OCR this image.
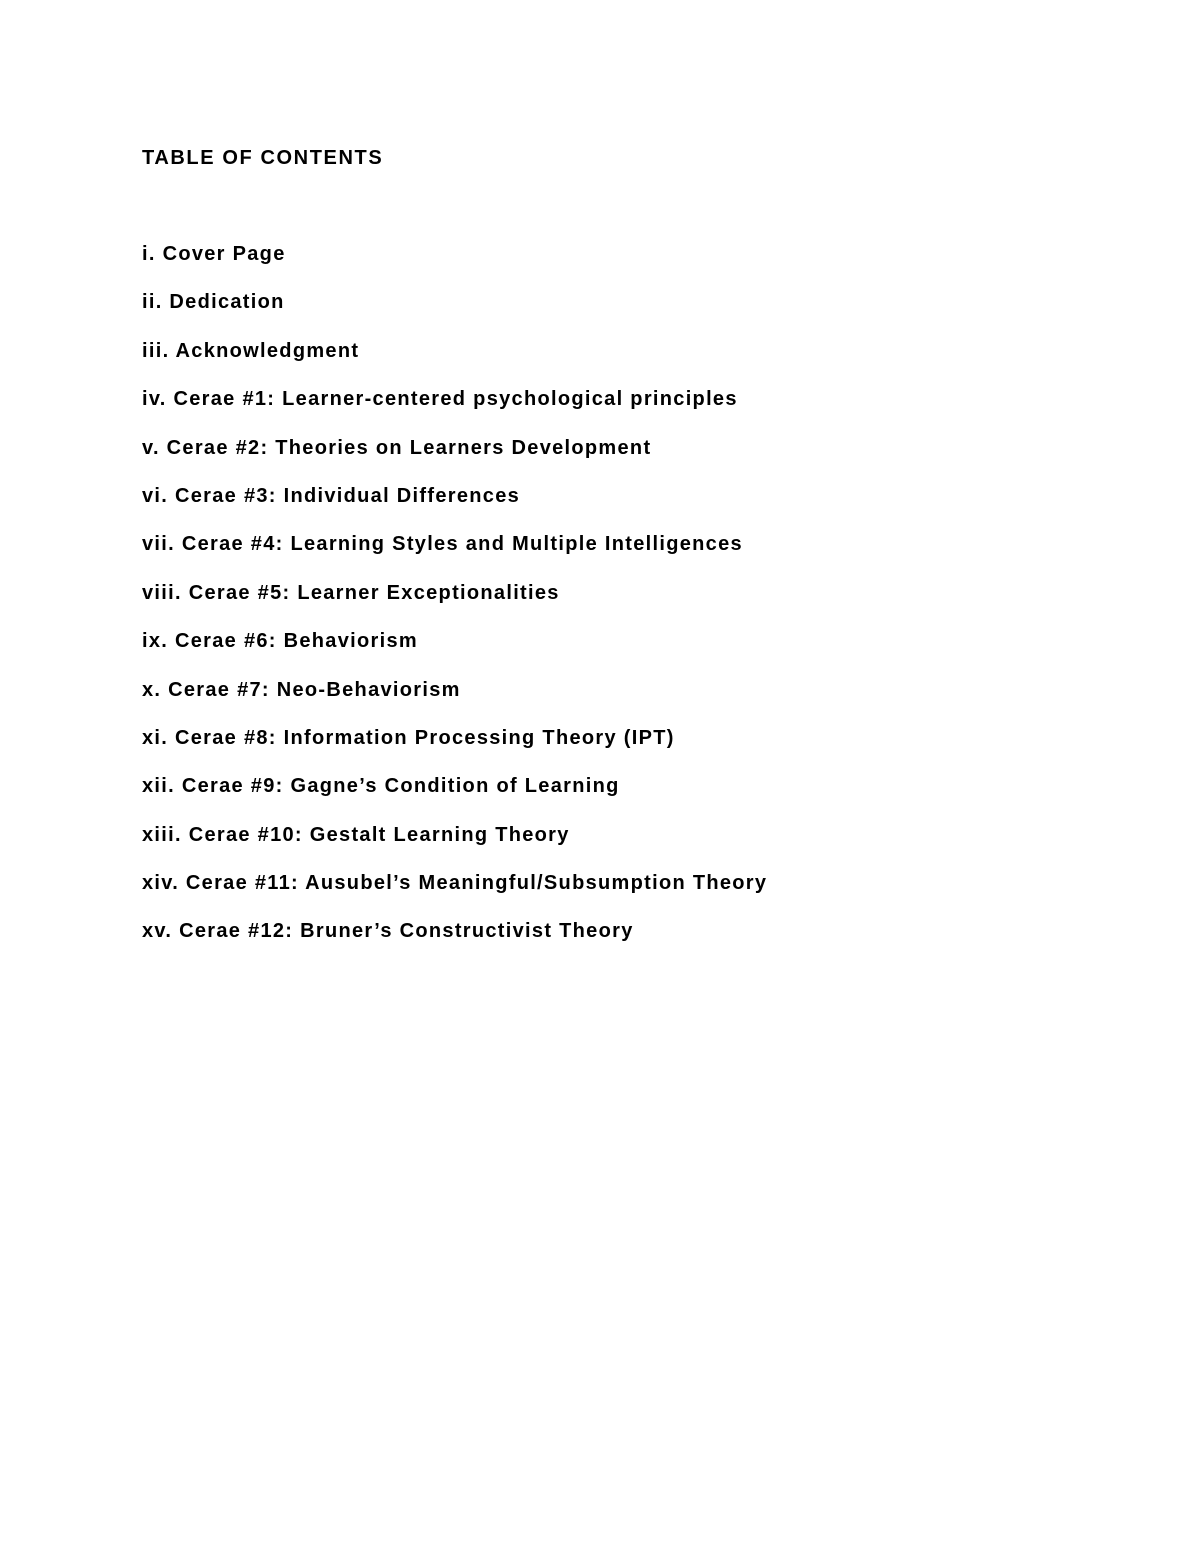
TABLE OF CONTENTS
i. Cover Page
ii. Dedication
iii. Acknowledgment
iv. Cerae #1: Learner-centered psychological principles
v. Cerae #2: Theories on Learners Development
vi. Cerae #3: Individual Differences
vii. Cerae #4: Learning Styles and Multiple Intelligences
viii. Cerae #5: Learner Exceptionalities
ix. Cerae #6: Behaviorism
x. Cerae #7: Neo-Behaviorism
xi. Cerae #8: Information Processing Theory (IPT)
xii. Cerae #9: Gagne’s Condition of Learning
xiii. Cerae #10: Gestalt Learning Theory
xiv. Cerae #11: Ausubel’s Meaningful/Subsumption Theory
xv. Cerae #12: Bruner’s Constructivist Theory
